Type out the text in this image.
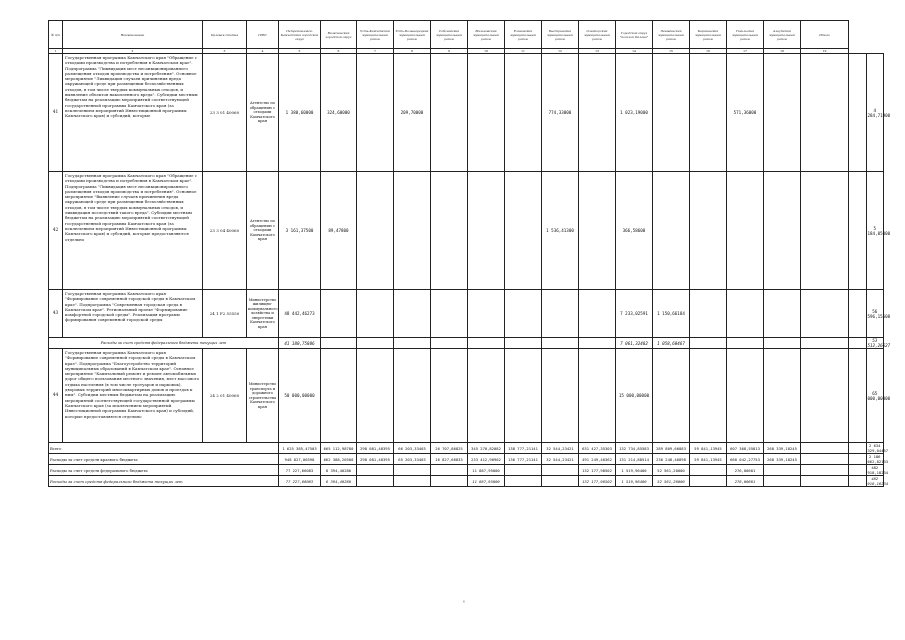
№ п/п	Наименование	Целевая статья	ГРБС	Петропавловск-Камчатский городской округ	Вилючинский городской округ	Усть-Камчатский муниципальный район	Усть-Большерецкий муниципальный район	Соболевский муниципальный район	Мильковский муниципальный район	Елизовский муниципальный район	Быстринский муниципальный район	Олюторский муниципальный район	Городской округ "поселок Палана"	Пенжинский муниципальный район	Карагинский муниципальный район	Тигильский муниципальный район	Алеутский муниципальный район	Итого		
1	2	3	4	5	6	7	8	9	10	11	12	13	14	15	16	17	18	19		
41	Государственная программа Камчатского края "Обращение с отходами производства и потребления в Камчатском крае". Подпрограмма "Ликвидация мест несанкционированного размещения отходов производства и потребления". Основное мероприятие "Ликвидация случаев причинения вреда окружающей среде при размещении бесхозяйственных отходов, в том числе твердых коммунальных отходов, и выявление объектов накопленного вреда". Субсидии местным бюджетам на реализацию мероприятий соответствующей государственной программы Камчатского края (за исключением мероприятий Инвестиционной программы Камчатского края) и субсидий, которые	23 3 01 40060	Агентство по обращению с отходами Камчатского края	1 380,60000	324,60000		209,70000				774,33000		1 023,19000			571,36000				4 284,71900
42	Государственная программа Камчатского края "Обращение с отходами производства и потребления в Камчатском крае". Подпрограмма "Ликвидация мест несанкционированного размещения отходов производства и потребления". Основное мероприятие "Выявление случаев причинения вреда окружающей среде при размещении бесхозяйственных отходов, в том числе твердых коммунальных отходов, и ликвидация последствий такого вреда". Субсидии местным бюджетам на реализацию мероприятий соответствующей государственной программы Камчатского края (за исключением мероприятий Инвестиционной программы Камчатского края) и субсидий, которые предоставляются отдельно	23 3 04 40060	Агентство по обращению с отходами Камчатского края	3 161,37500	89,47800						1 536,41300		366,58600							5 184,05000
43	Государственная программа Камчатского края "Формирование современной городской среды в Камчатском крае". Подпрограмма "Современная городская среда в Камчатском крае". Региональный проект "Формирование комфортной городской среды". Реализация программ формирования современной городской среды	24 1 F2 55550	Министерство жилищно-коммунального хозяйства и энергетики Камчатского края	48 442,46273									7 233,02591	1 150,66184						56 596,15508
Расходы за счет средств федерального бюджета текущих лет				41 180,75806									7 061,32482	1 058,60467						53 512,26627
44	Государственная программа Камчатского края "Формирование современной городской среды в Камчатском крае". Подпрограмма "Благоустройство территорий муниципальных образований в Камчатском крае". Основное мероприятие "Капитальный ремонт и ремонт автомобильных дорог общего пользования местного значения, мест массового отдыха населения (в том числе тротуаров и парковок), дворовых территорий многоквартирных домов и проездов к ним". Субсидии местным бюджетам на реализацию мероприятий соответствующей государственной программы Камчатского края (за исключением мероприятий Инвестиционной программы Камчатского края) и субсидий, которые предоставляются отдельно	24 2 01 40060	Министерство транспорта и дорожного строительства Камчатского края	50 000,00000									15 000,00000							65 000,00000
Всего				1 625 385,47503	665 112,98780	298 081,48395	66 203,33403	26 707,86825	345 270,82082	138 777,21141	32 544,23421	631 427,35303	132 734,85583	289 809,66883	59 841,13945	607 368,55813	268 339,18245			2 634 329,04457
Расходы за счет средств краевого бюджета				948 827,06598	662 388,26500	298 081,48395	65 203,33403	16 827,66833	233 412,90902	136 777,21141	32 544,23421	491 249,40362	131 214,88514	236 248,46898	59 841,13945	660 042,27753	268 339,18245			2 186 662,82133
Расходы за счет средств федерального бюджета				77 227,66083	8 394,40280				11 887,95000			132 177,98502	1 519,96400	52 561,20000		276,00601				482 918,18234
Расходы за счет средств федерального бюджета текущих лет				77 227,66083	8 394,40280				11 887,95000			132 177,98502	1 519,96400	52 561,20000		276,00601				482 918,18234
'
